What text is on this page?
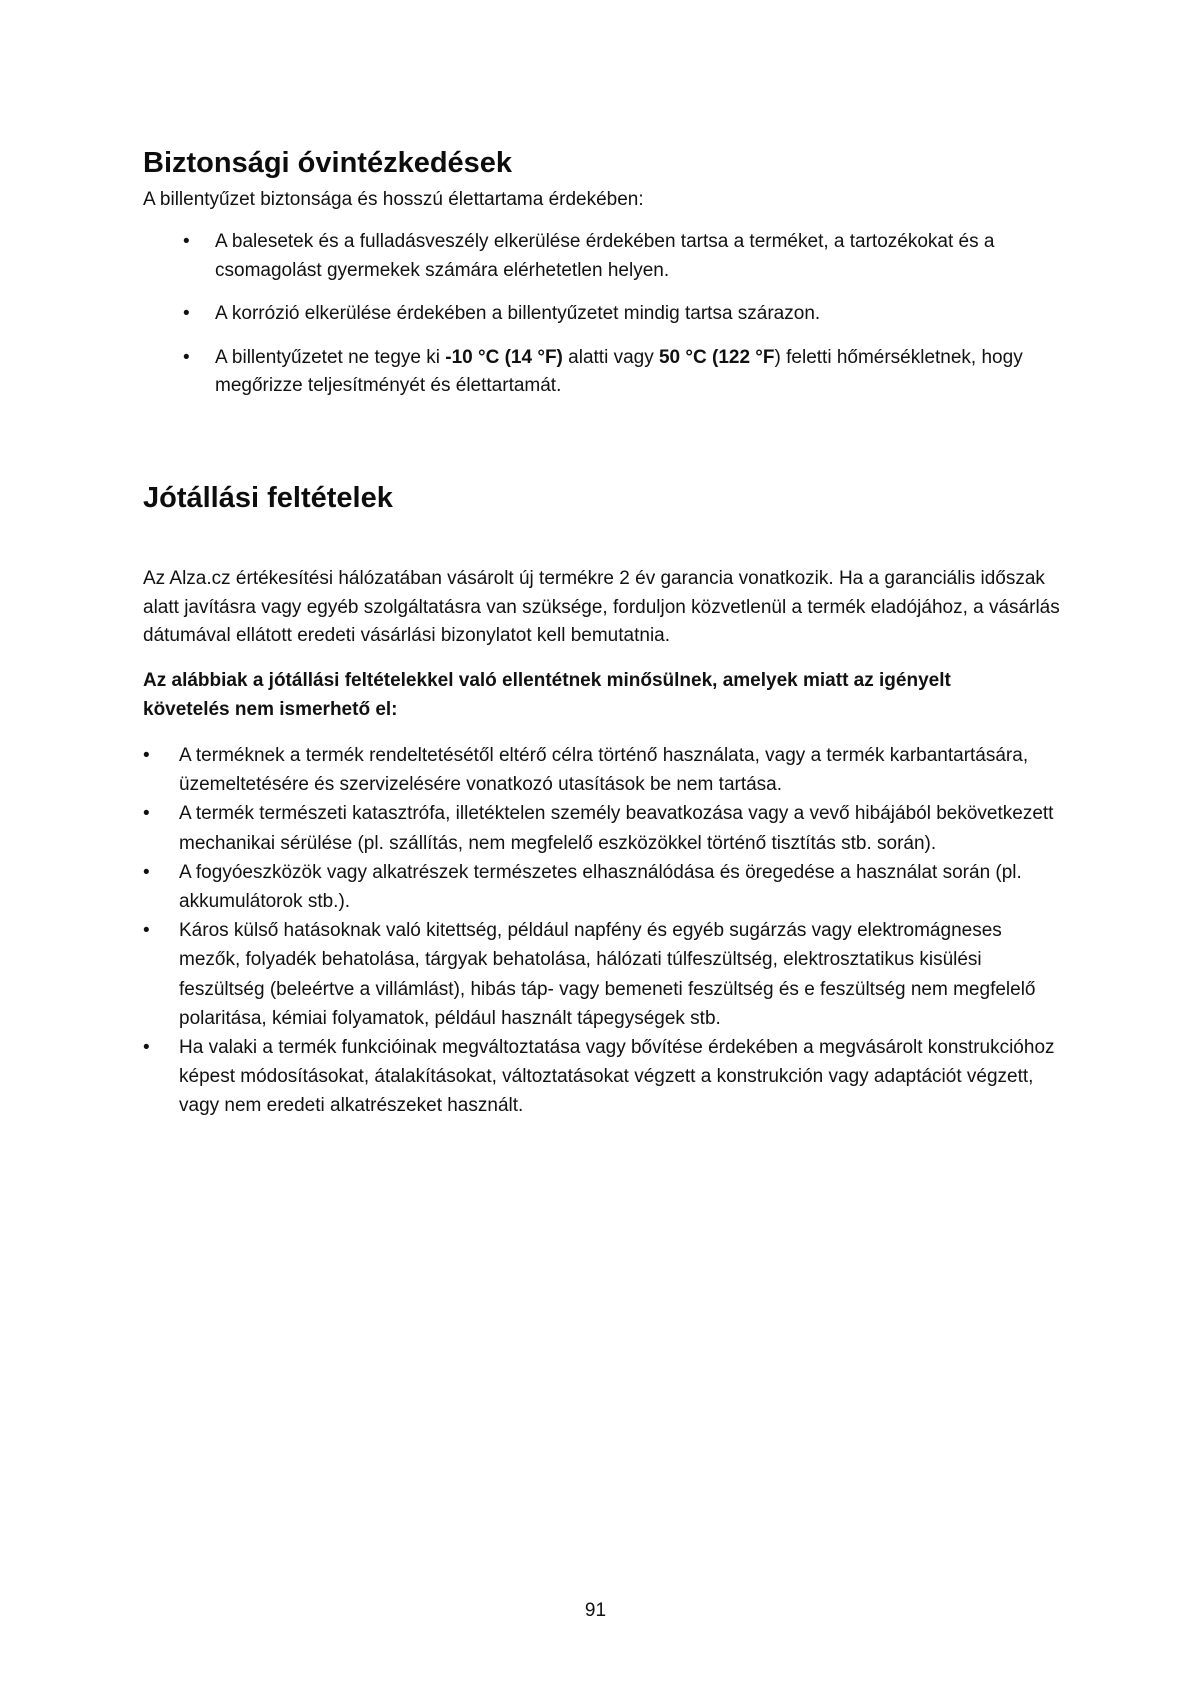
Biztonsági óvintézkedések

A billentyűzet biztonsága és hosszú élettartama érdekében:

• A balesetek és a fulladásveszély elkerülése érdekében tartsa a terméket, a tartozékokat és a csomagolást gyermekek számára elérhetetlen helyen.
• A korrózió elkerülése érdekében a billentyűzetet mindig tartsa szárazon.
• A billentyűzetet ne tegye ki -10 °C (14 °F) alatti vagy 50 °C (122 °F) feletti hőmérsékletnek, hogy megőrizze teljesítményét és élettartamát.
Jótállási feltételek

Az Alza.cz értékesítési hálózatában vásárolt új termékre 2 év garancia vonatkozik. Ha a garanciális időszak alatt javításra vagy egyéb szolgáltatásra van szüksége, forduljon közvetlenül a termék eladójához, a vásárlás dátumával ellátott eredeti vásárlási bizonylatot kell bemutatnia.

Az alábbiak a jótállási feltételekkel való ellentétnek minősülnek, amelyek miatt az igényelt követelés nem ismerhető el:

• A terméknek a termék rendeltetésétől eltérő célra történő használata, vagy a termék karbantartására, üzemeltetésére és szervizelésére vonatkozó utasítások be nem tartása.
• A termék természeti katasztrófa, illetéktelen személy beavatkozása vagy a vevő hibájából bekövetkezett mechanikai sérülése (pl. szállítás, nem megfelelő eszközökkel történő tisztítás stb. során).
• A fogyóeszközök vagy alkatrészek természetes elhasználódása és öregedése a használat során (pl. akkumulátorok stb.).
• Káros külső hatásoknak való kitettség, például napfény és egyéb sugárzás vagy elektromágneses mezők, folyadék behatolása, tárgyak behatolása, hálózati túlfeszültség, elektrosztatikus kisülési feszültség (beleértve a villámlást), hibás táp- vagy bemeneti feszültség és e feszültség nem megfelelő polaritása, kémiai folyamatok, például használt tápegységek stb.
• Ha valaki a termék funkcióinak megváltoztatása vagy bővítése érdekében a megvásárolt konstrukcióhoz képest módosításokat, átalakításokat, változtatásokat végzett a konstrukción vagy adaptációt végzett, vagy nem eredeti alkatrészeket használt.
91
